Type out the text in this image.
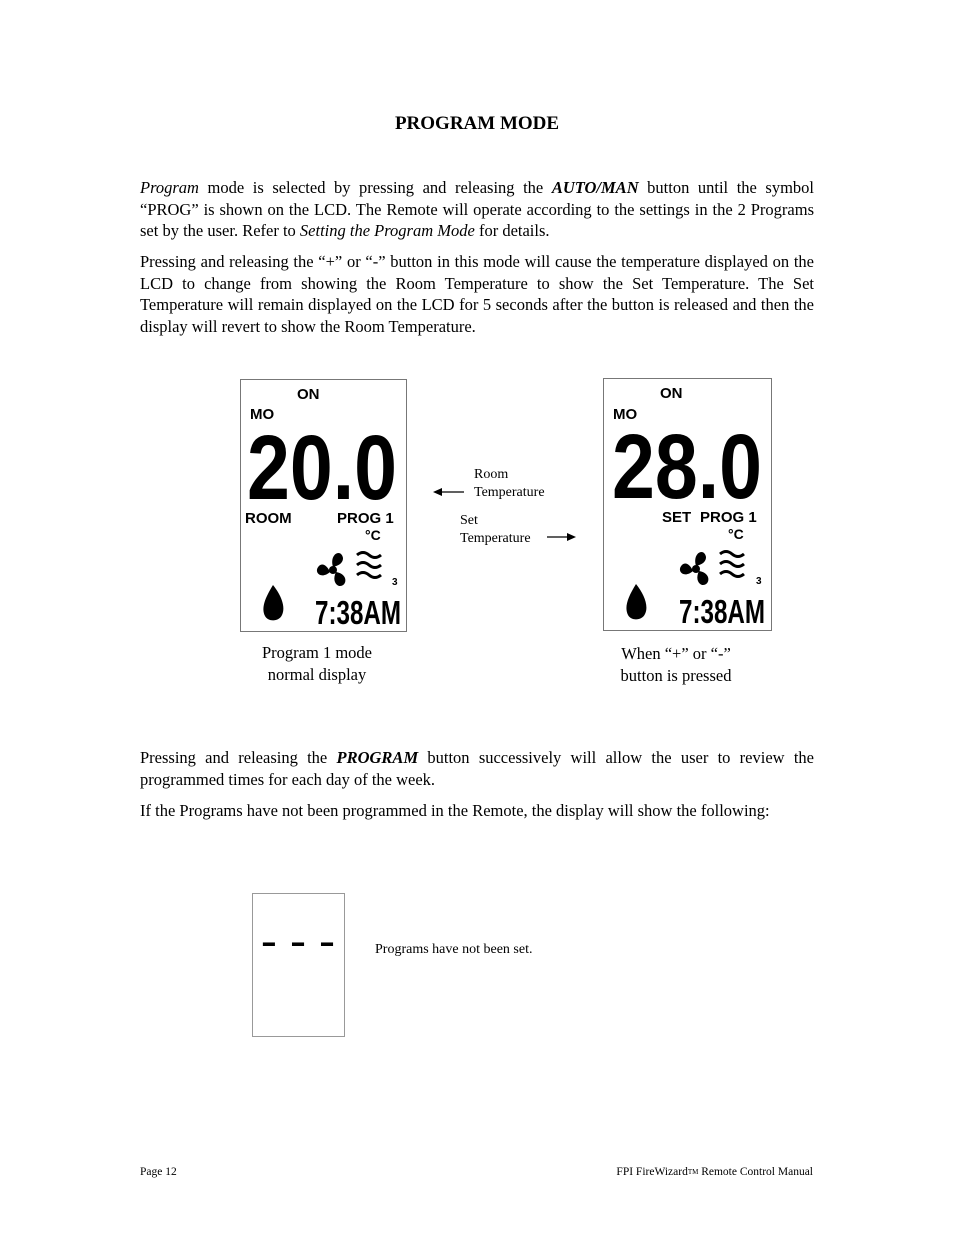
PROGRAM MODE

Program mode is selected by pressing and releasing the AUTO/MAN button until the symbol “PROG” is shown on the LCD. The Remote will operate according to the settings in the 2 Programs set by the user. Refer to Setting the Program Mode for details.

Pressing and releasing the “+” or “-” button in this mode will cause the temperature displayed on the LCD to change from showing the Room Temperature to show the Set Temperature. The Set Temperature will remain displayed on the LCD for 5 seconds after the button is released and then the display will revert to show the Room Temperature.

ON
MO
20.0
ROOM	PROG 1
°C
3
7:38AM
ON
MO
28.0
SET PROG 1
°C
3
7:38AM
Room
Temperature
Set
Temperature
Program 1 mode
normal display
When “+” or “-”
button is pressed

Pressing and releasing the PROGRAM button successively will allow the user to review the programmed times for each day of the week.

If the Programs have not been programmed in the Remote, the display will show the following:

- - -	Programs have not been set.
Page 12	FPI FireWizardTM Remote Control Manual
